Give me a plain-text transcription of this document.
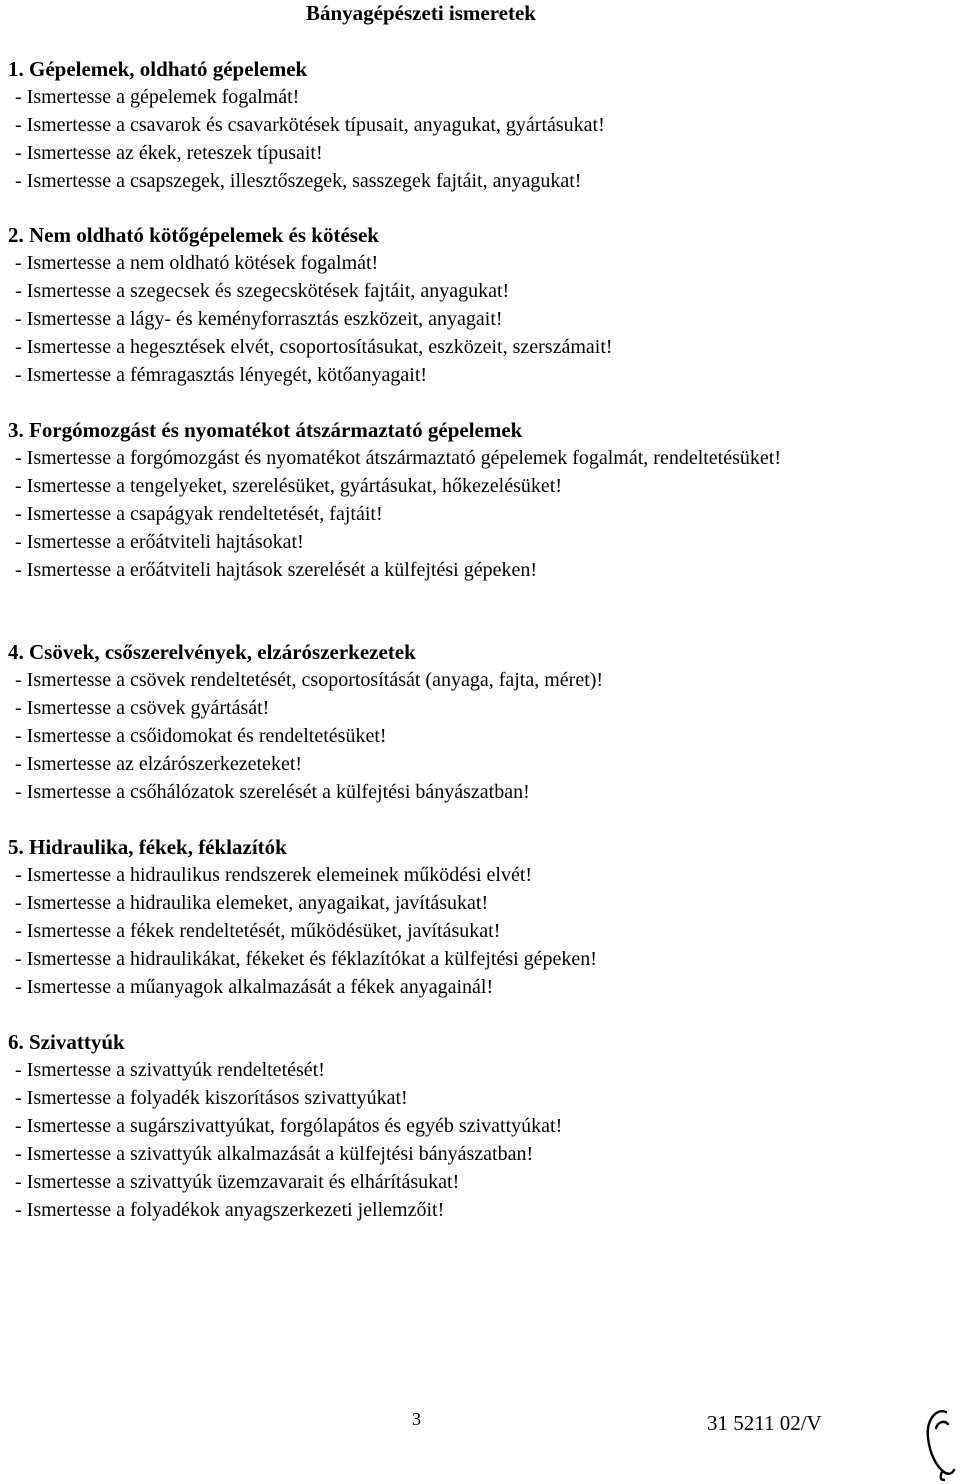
Bányagépészeti ismeretek
1. Gépelemek, oldható gépelemek
- Ismertesse a gépelemek fogalmát!
- Ismertesse a csavarok és csavarkötések típusait, anyagukat, gyártásukat!
- Ismertesse az ékek, reteszek típusait!
- Ismertesse a csapszegek, illesztőszegek, sasszegek fajtáit, anyagukat!
2. Nem oldható kötőgépelemek és kötések
- Ismertesse a nem oldható kötések fogalmát!
- Ismertesse a szegecsek és szegecskötések fajtáit, anyagukat!
- Ismertesse a lágy- és keményforrasztás eszközeit, anyagait!
- Ismertesse a hegesztések elvét, csoportosításukat, eszközeit, szerszámait!
- Ismertesse a fémragasztás lényegét, kötőanyagait!
3. Forgómozgást és nyomatékot átszármaztató gépelemek
- Ismertesse a forgómozgást és nyomatékot átszármaztató gépelemek fogalmát, rendeltetésüket!
- Ismertesse a tengelyeket, szerelésüket, gyártásukat, hőkezelésüket!
- Ismertesse a csapágyak rendeltetését, fajtáit!
- Ismertesse a erőátviteli hajtásokat!
- Ismertesse a erőátviteli hajtások szerelését a külfejtési gépeken!
4. Csövek, csőszerelvények, elzárószerkezetek
- Ismertesse a csövek rendeltetését, csoportosítását (anyaga, fajta, méret)!
- Ismertesse a csövek gyártását!
- Ismertesse a csőidomokat és rendeltetésüket!
- Ismertesse az elzárószerkezeteket!
- Ismertesse a csőhálózatok szerelését a külfejtési bányászatban!
5. Hidraulika, fékek, féklazítók
- Ismertesse a hidraulikus rendszerek elemeinek működési elvét!
- Ismertesse a hidraulika elemeket, anyagaikat, javításukat!
- Ismertesse a fékek rendeltetését, működésüket, javításukat!
- Ismertesse a hidraulikákat, fékeket és féklazítókat a külfejtési gépeken!
- Ismertesse a műanyagok alkalmazását a fékek anyagainál!
6. Szivattyúk
- Ismertesse a szivattyúk rendeltetését!
- Ismertesse a folyadék kiszorításos szivattyúkat!
- Ismertesse a sugárszivattyúkat, forgólapátos és egyéb szivattyúkat!
- Ismertesse a szivattyúk alkalmazását a külfejtési bányászatban!
- Ismertesse a szivattyúk üzemzavarait és elhárításukat!
- Ismertesse a folyadékok anyagszerkezeti jellemzőit!
3	31 5211 02/V
